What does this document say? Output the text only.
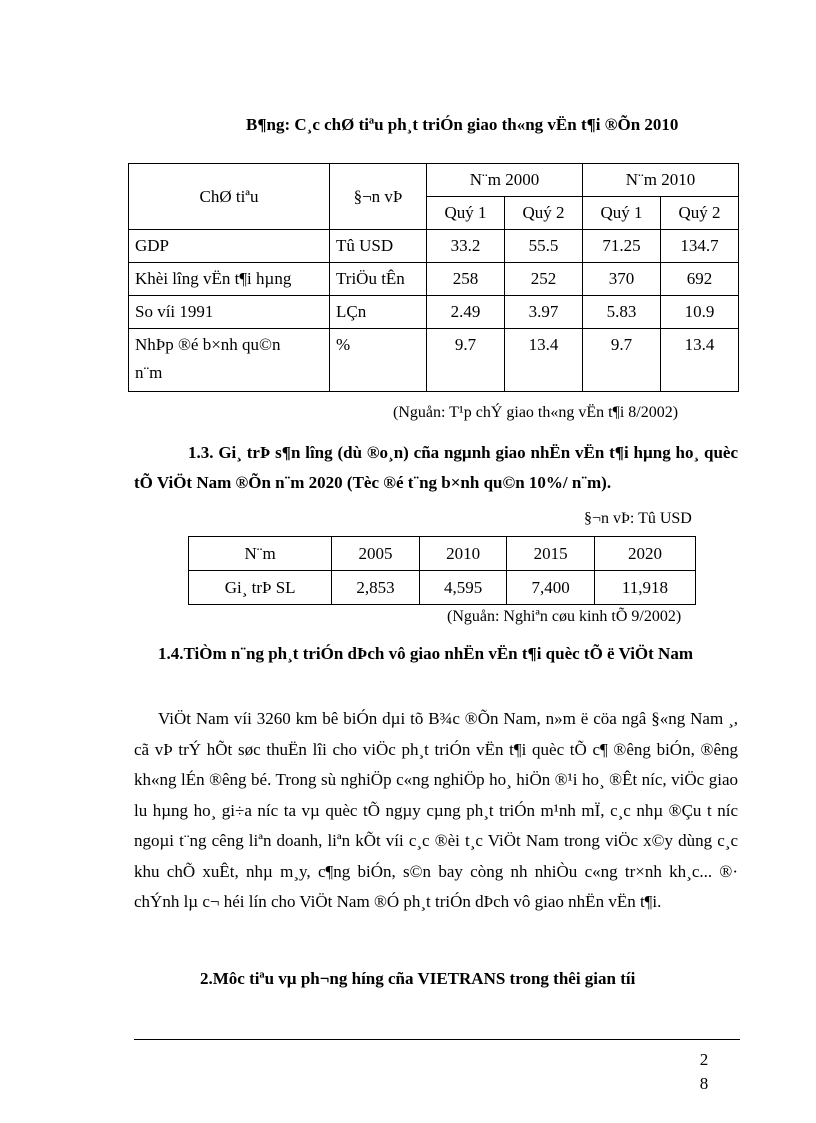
B¶ng: C¸c chØ tiªu ph¸t triÓn giao th«ng vËn t¶i ®Õn 2010
ChØ tiªu	§¬n vÞ	N¨m 2000		N¨m 2010	
		Quý 1	Quý 2	Quý 1	Quý 2
GDP	Tû USD	33.2	55.5	71.25	134.7
Khèi lîng vËn t¶i hµng	TriÖu tÊn	258	252	370	692
So víi 1991	LÇn	2.49	3.97	5.83	10.9

NhÞp ®é b×nh qu©n
n¨m	%	9.7	13.4	9.7	13.4
(Nguån: T¹p chÝ giao th«ng vËn t¶i 8/2002)
1.3. Gi¸ trÞ s¶n lîng (dù ®o¸n) cña ngµnh giao nhËn vËn t¶i hµng ho¸ quèc tÕ ViÖt Nam ®Õn n¨m 2020 (Tèc ®é t¨ng b×nh qu©n 10%/ n¨m).
§¬n vÞ: Tû USD
N¨m	2005	2010	2015	2020
Gi¸ trÞ SL	2,853	4,595	7,400	11,918
(Nguån: Nghiªn cøu kinh tÕ 9/2002)
1.4.TiÒm n¨ng ph¸t triÓn dÞch vô giao nhËn vËn t¶i quèc tÕ ë ViÖt Nam
ViÖt Nam víi 3260 km bê biÓn dµi tõ B¾c ®Õn Nam, n»m ë cöa ngâ §«ng Nam ¸, cã vÞ trÝ hÕt søc thuËn lîi cho viÖc ph¸t triÓn vËn t¶i quèc tÕ c¶ ®êng biÓn, ®êng kh«ng lÉn ®êng bé. Trong sù nghiÖp c«ng nghiÖp ho¸ hiÖn ®¹i ho¸ ®Êt níc, viÖc giao lu hµng ho¸ gi÷a níc ta vµ quèc tÕ ngµy cµng ph¸t triÓn m¹nh mÏ, c¸c nhµ ®Çu t níc ngoµi t¨ng cêng liªn doanh, liªn kÕt víi c¸c ®èi t¸c ViÖt Nam trong viÖc x©y dùng c¸c khu chÕ xuÊt, nhµ m¸y, c¶ng biÓn, s©n bay còng nh nhiÒu c«ng tr×nh kh¸c... ®· chÝnh lµ c¬ héi lín cho ViÖt Nam ®Ó ph¸t triÓn dÞch vô giao nhËn vËn t¶i.
2.Môc tiªu vµ ph¬ng híng cña VIETRANS trong thêi gian tíi
2
8
